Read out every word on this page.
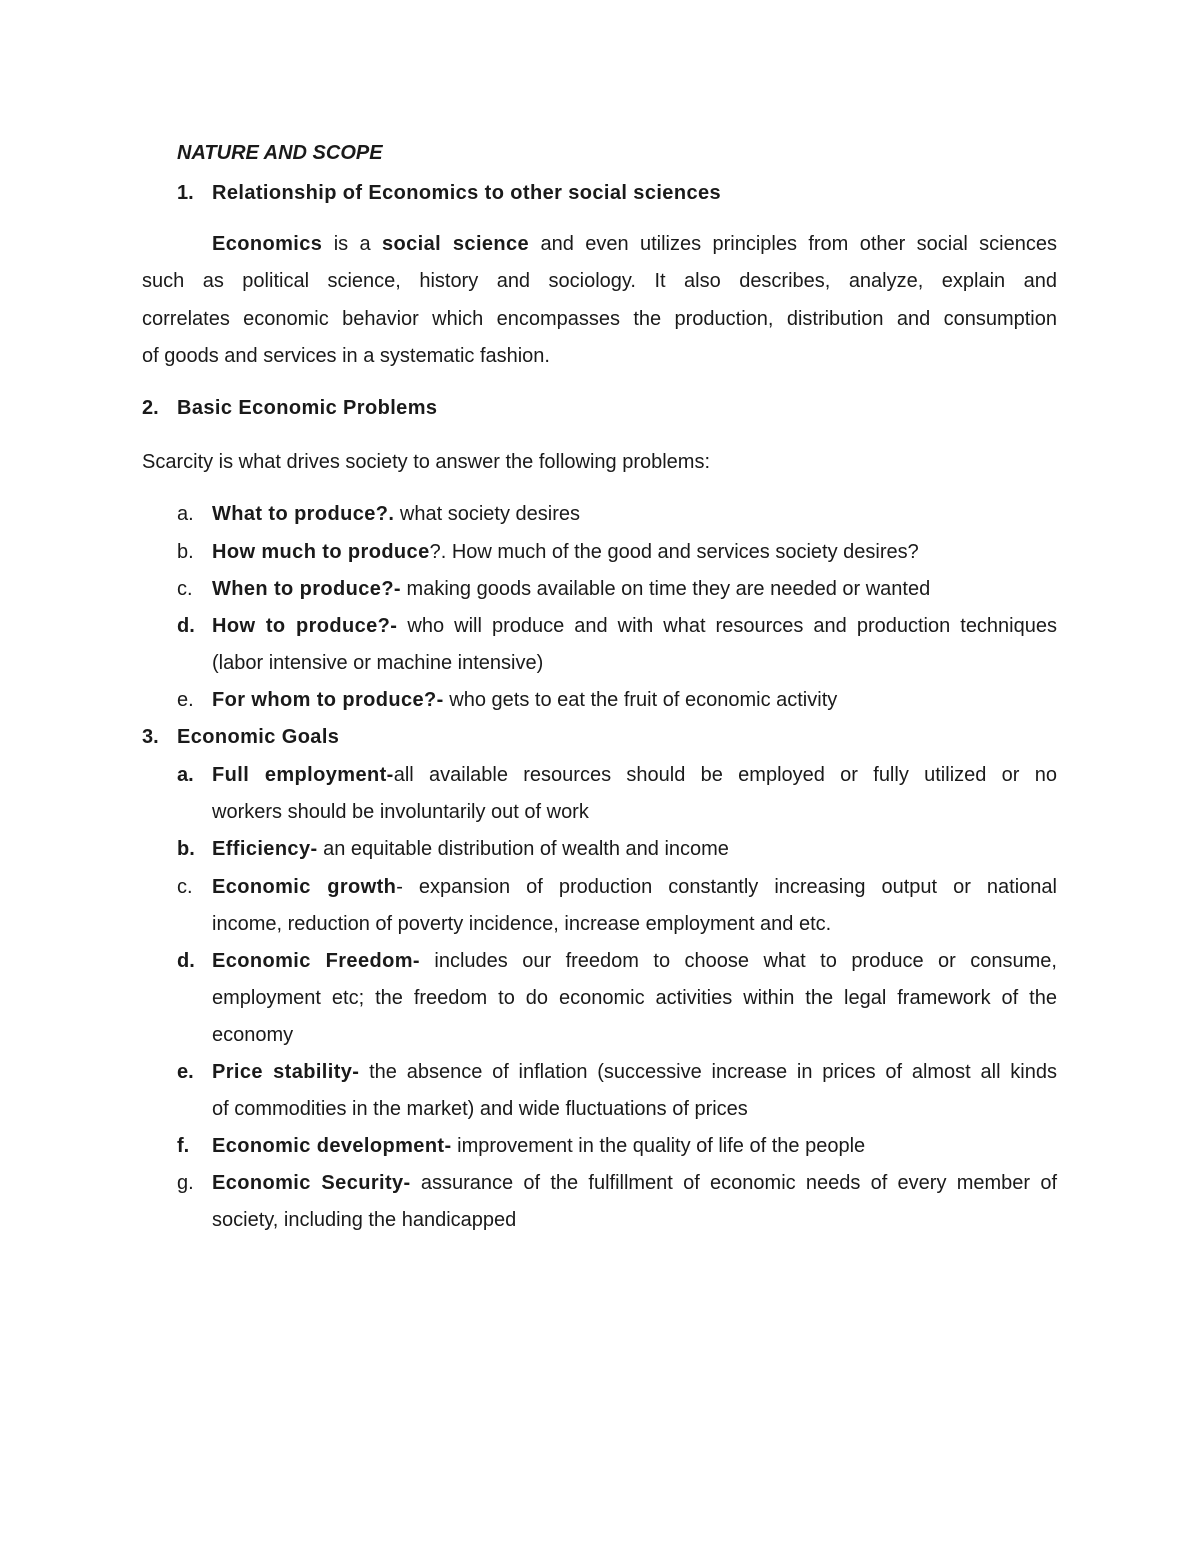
NATURE AND SCOPE
1. Relationship of Economics to other social sciences
Economics is a social science and even utilizes principles from other social sciences
such as political science, history and sociology. It also describes, analyze, explain and
correlates economic behavior which encompasses the production, distribution and consumption
of goods and services in a systematic fashion.
2. Basic Economic Problems
Scarcity is what drives society to answer the following problems:
a. What to produce?. what society desires
b. How much to produce?. How much of the good and services society desires?
c. When to produce?- making goods available on time they are needed or wanted
d. How to produce?- who will produce and with what resources and production techniques
(labor intensive or machine intensive)
e. For whom to produce?- who gets to eat the fruit of economic activity
3. Economic Goals
a. Full employment-all available resources should be employed or fully utilized or no
workers should be involuntarily out of work
b. Efficiency- an equitable distribution of wealth and income
c. Economic growth- expansion of production constantly increasing output or national
income, reduction of poverty incidence, increase employment and etc.
d. Economic Freedom- includes our freedom to choose what to produce or consume,
employment etc; the freedom to do economic activities within the legal framework of the
economy
e. Price stability- the absence of inflation (successive increase in prices of almost all kinds
of commodities in the market) and wide fluctuations of prices
f.	Economic development- improvement in the quality of life of the people
g. Economic Security- assurance of the fulfillment of economic needs of every member of
society, including the handicapped
